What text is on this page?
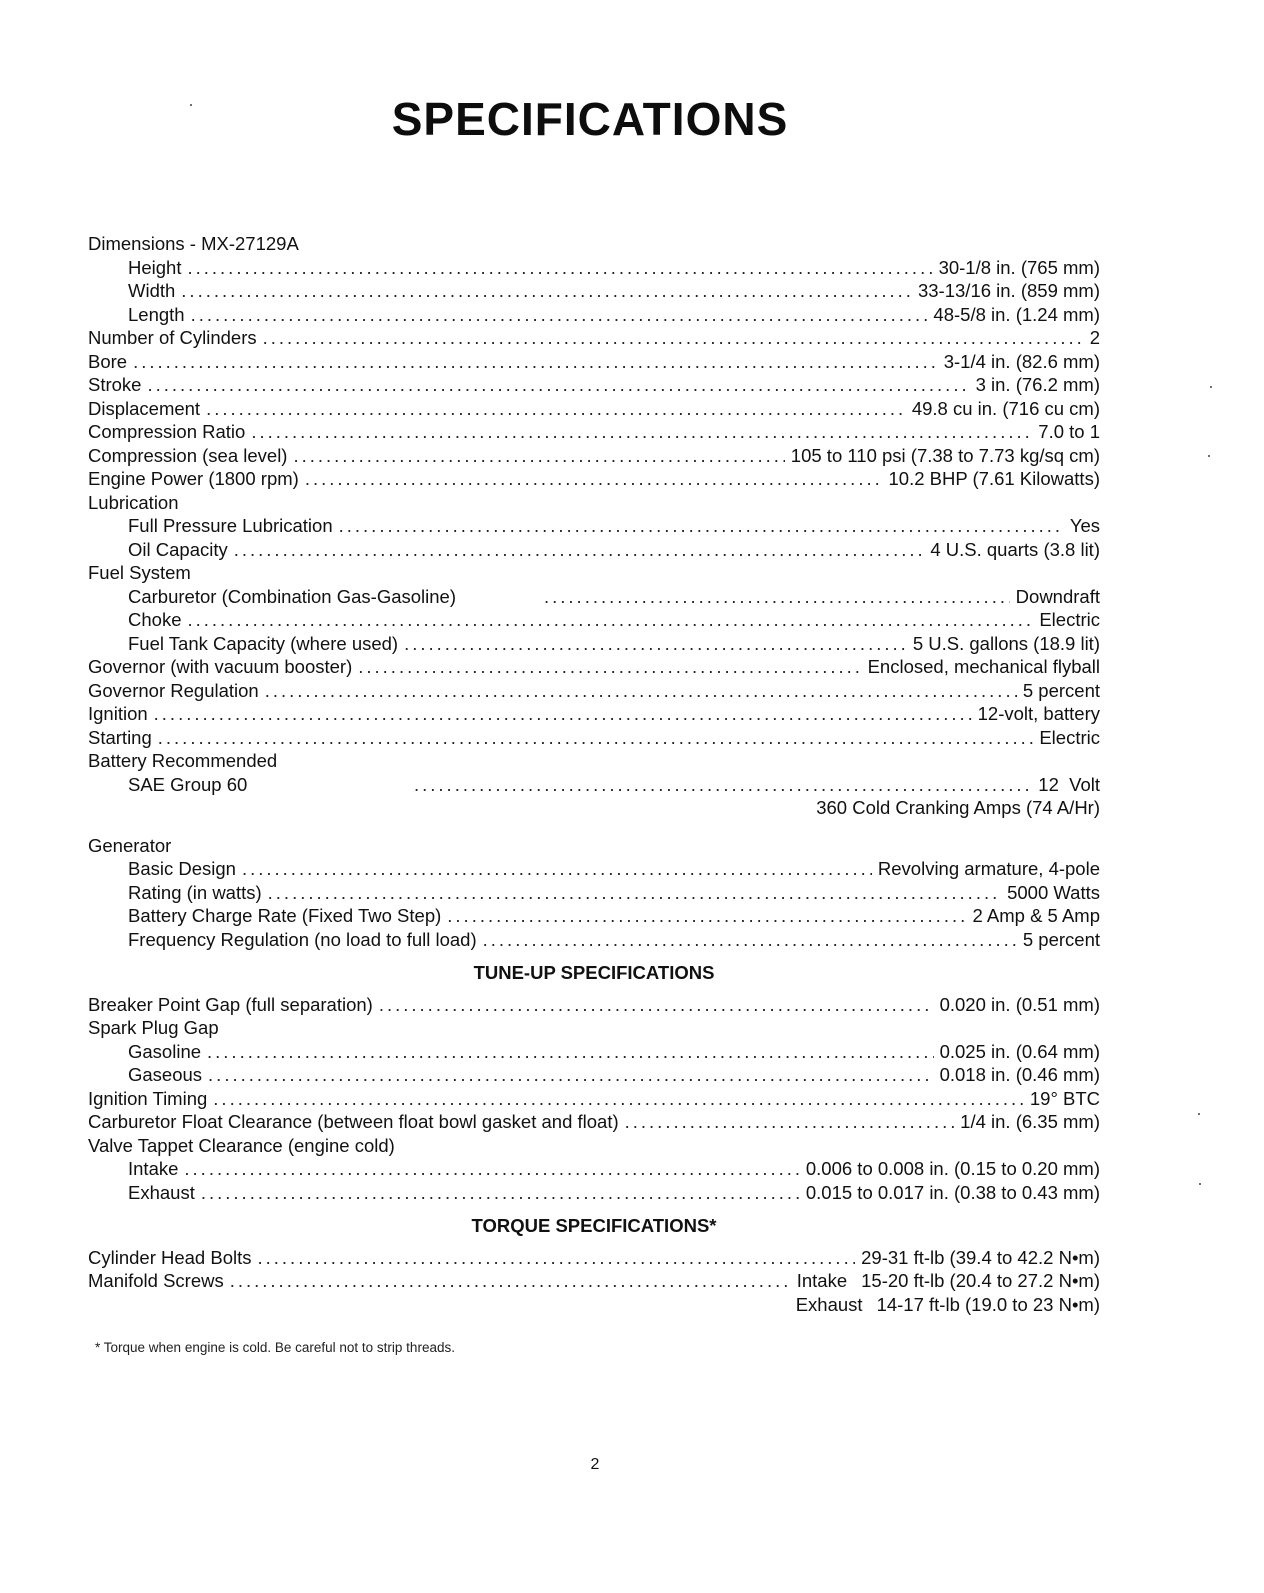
SPECIFICATIONS
Dimensions - MX-27129A
Height .....	30-1/8 in. (765 mm)
Width .....	33-13/16 in. (859 mm)
Length .....	48-5/8 in. (1.24 mm)
Number of Cylinders .....	2
Bore .....	3-1/4 in. (82.6 mm)
Stroke .....	3 in. (76.2 mm)
Displacement .....	49.8 cu in. (716 cu cm)
Compression Ratio .....	7.0 to 1
Compression (sea level) .....	105 to 110 psi (7.38 to 7.73 kg/sq cm)
Engine Power (1800 rpm) .....	10.2 BHP (7.61 Kilowatts)
Lubrication
Full Pressure Lubrication .....	Yes
Oil Capacity .....	4 U.S. quarts (3.8 lit)
Fuel System
Carburetor (Combination Gas-Gasoline) .....	Downdraft
Choke .....	Electric
Fuel Tank Capacity (where used) .....	5 U.S. gallons (18.9 lit)
Governor (with vacuum booster) .....	Enclosed, mechanical flyball
Governor Regulation .....	5 percent
Ignition .....	12-volt, battery
Starting .....	Electric
Battery Recommended
SAE Group 60 .....	12  Volt
360 Cold Cranking Amps (74 A/Hr)
Generator
Basic Design .....	Revolving armature, 4-pole
Rating (in watts) .....	5000 Watts
Battery Charge Rate (Fixed Two Step) .....	2 Amp & 5 Amp
Frequency Regulation (no load to full load) .....	5 percent
TUNE-UP SPECIFICATIONS
Breaker Point Gap (full separation) .....	0.020 in. (0.51 mm)
Spark Plug Gap
Gasoline .....	0.025 in. (0.64 mm)
Gaseous .....	0.018 in. (0.46 mm)
Ignition Timing .....	19° BTC
Carburetor Float Clearance (between float bowl gasket and float) .....	1/4 in. (6.35 mm)
Valve Tappet Clearance (engine cold)
Intake .....	0.006 to 0.008 in. (0.15 to 0.20 mm)
Exhaust .....	0.015 to 0.017 in. (0.38 to 0.43 mm)
TORQUE SPECIFICATIONS*
Cylinder Head Bolts .....	29-31 ft-lb (39.4 to 42.2 N•m)
Manifold Screws .....	Intake 15-20 ft-lb (20.4 to 27.2 N•m)
Exhaust 14-17 ft-lb (19.0 to 23 N•m)
* Torque when engine is cold. Be careful not to strip threads.
2
